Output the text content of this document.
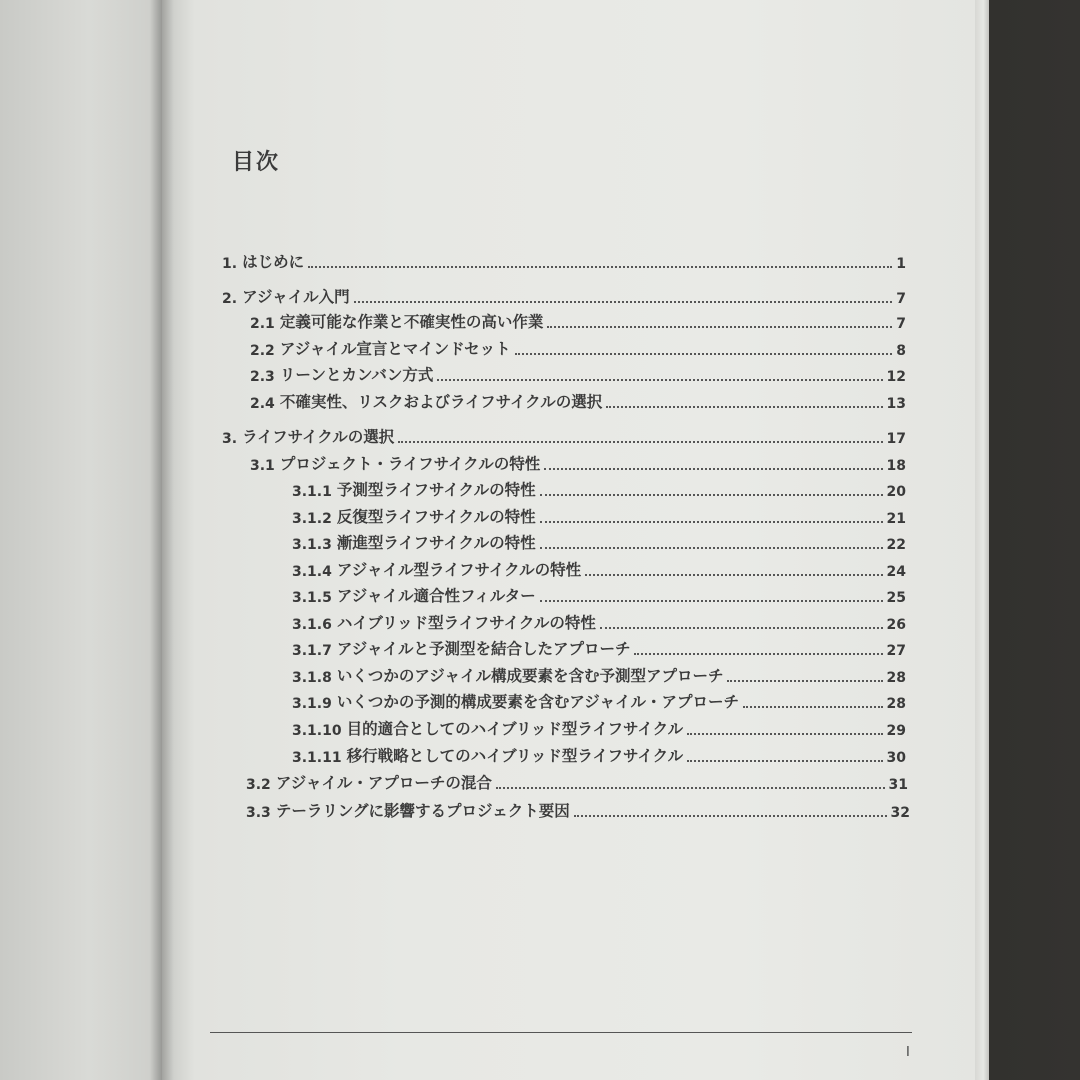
目次
1. はじめに	1
2. アジャイル入門	7
2.1 定義可能な作業と不確実性の高い作業	7
2.2 アジャイル宣言とマインドセット	8
2.3 リーンとカンバン方式	12
2.4 不確実性、リスクおよびライフサイクルの選択	13
3. ライフサイクルの選択	17
3.1 プロジェクト・ライフサイクルの特性	18
3.1.1 予測型ライフサイクルの特性	20
3.1.2 反復型ライフサイクルの特性	21
3.1.3 漸進型ライフサイクルの特性	22
3.1.4 アジャイル型ライフサイクルの特性	24
3.1.5 アジャイル適合性フィルター	25
3.1.6 ハイブリッド型ライフサイクルの特性	26
3.1.7 アジャイルと予測型を結合したアプローチ	27
3.1.8 いくつかのアジャイル構成要素を含む予測型アプローチ	28
3.1.9 いくつかの予測的構成要素を含むアジャイル・アプローチ	28
3.1.10 目的適合としてのハイブリッド型ライフサイクル	29
3.1.11 移行戦略としてのハイブリッド型ライフサイクル	30
3.2 アジャイル・アプローチの混合	31
3.3 テーラリングに影響するプロジェクト要因	32
I
